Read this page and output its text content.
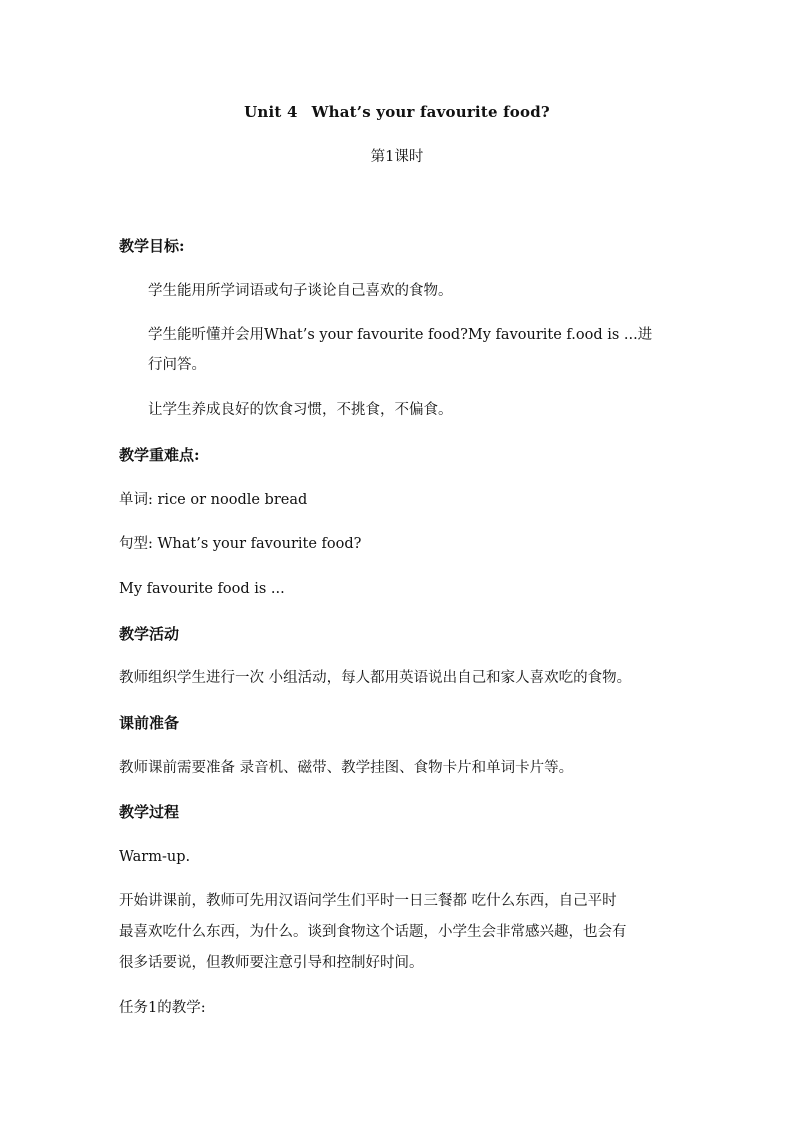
Unit 4 What’s your favourite food?
第1课时
教学目标:
学生能用所学词语或句子谈论自己喜欢的食物。
学生能听懂并会用What’s your favourite food?My favourite f.ood is ...进
行问答。
让学生养成良好的饮食习惯，不挑食，不偏食。
教学重难点:
单词: rice or noodle bread
句型: What’s your favourite food?
My favourite food is ...
教学活动
教师组织学生进行一次 小组活动，每人都用英语说出自己和家人喜欢吃的食物。
课前准备
教师课前需要准备 录音机、磁带、教学挂图、食物卡片和单词卡片等。
教学过程
Warm-up.
开始讲课前，教师可先用汉语问学生们平时一日三餐都 吃什么东西，自己平时
最喜欢吃什么东西，为什么。谈到食物这个话题，小学生会非常感兴趣，也会有
很多话要说，但教师要注意引导和控制好时间。
任务1的教学:
